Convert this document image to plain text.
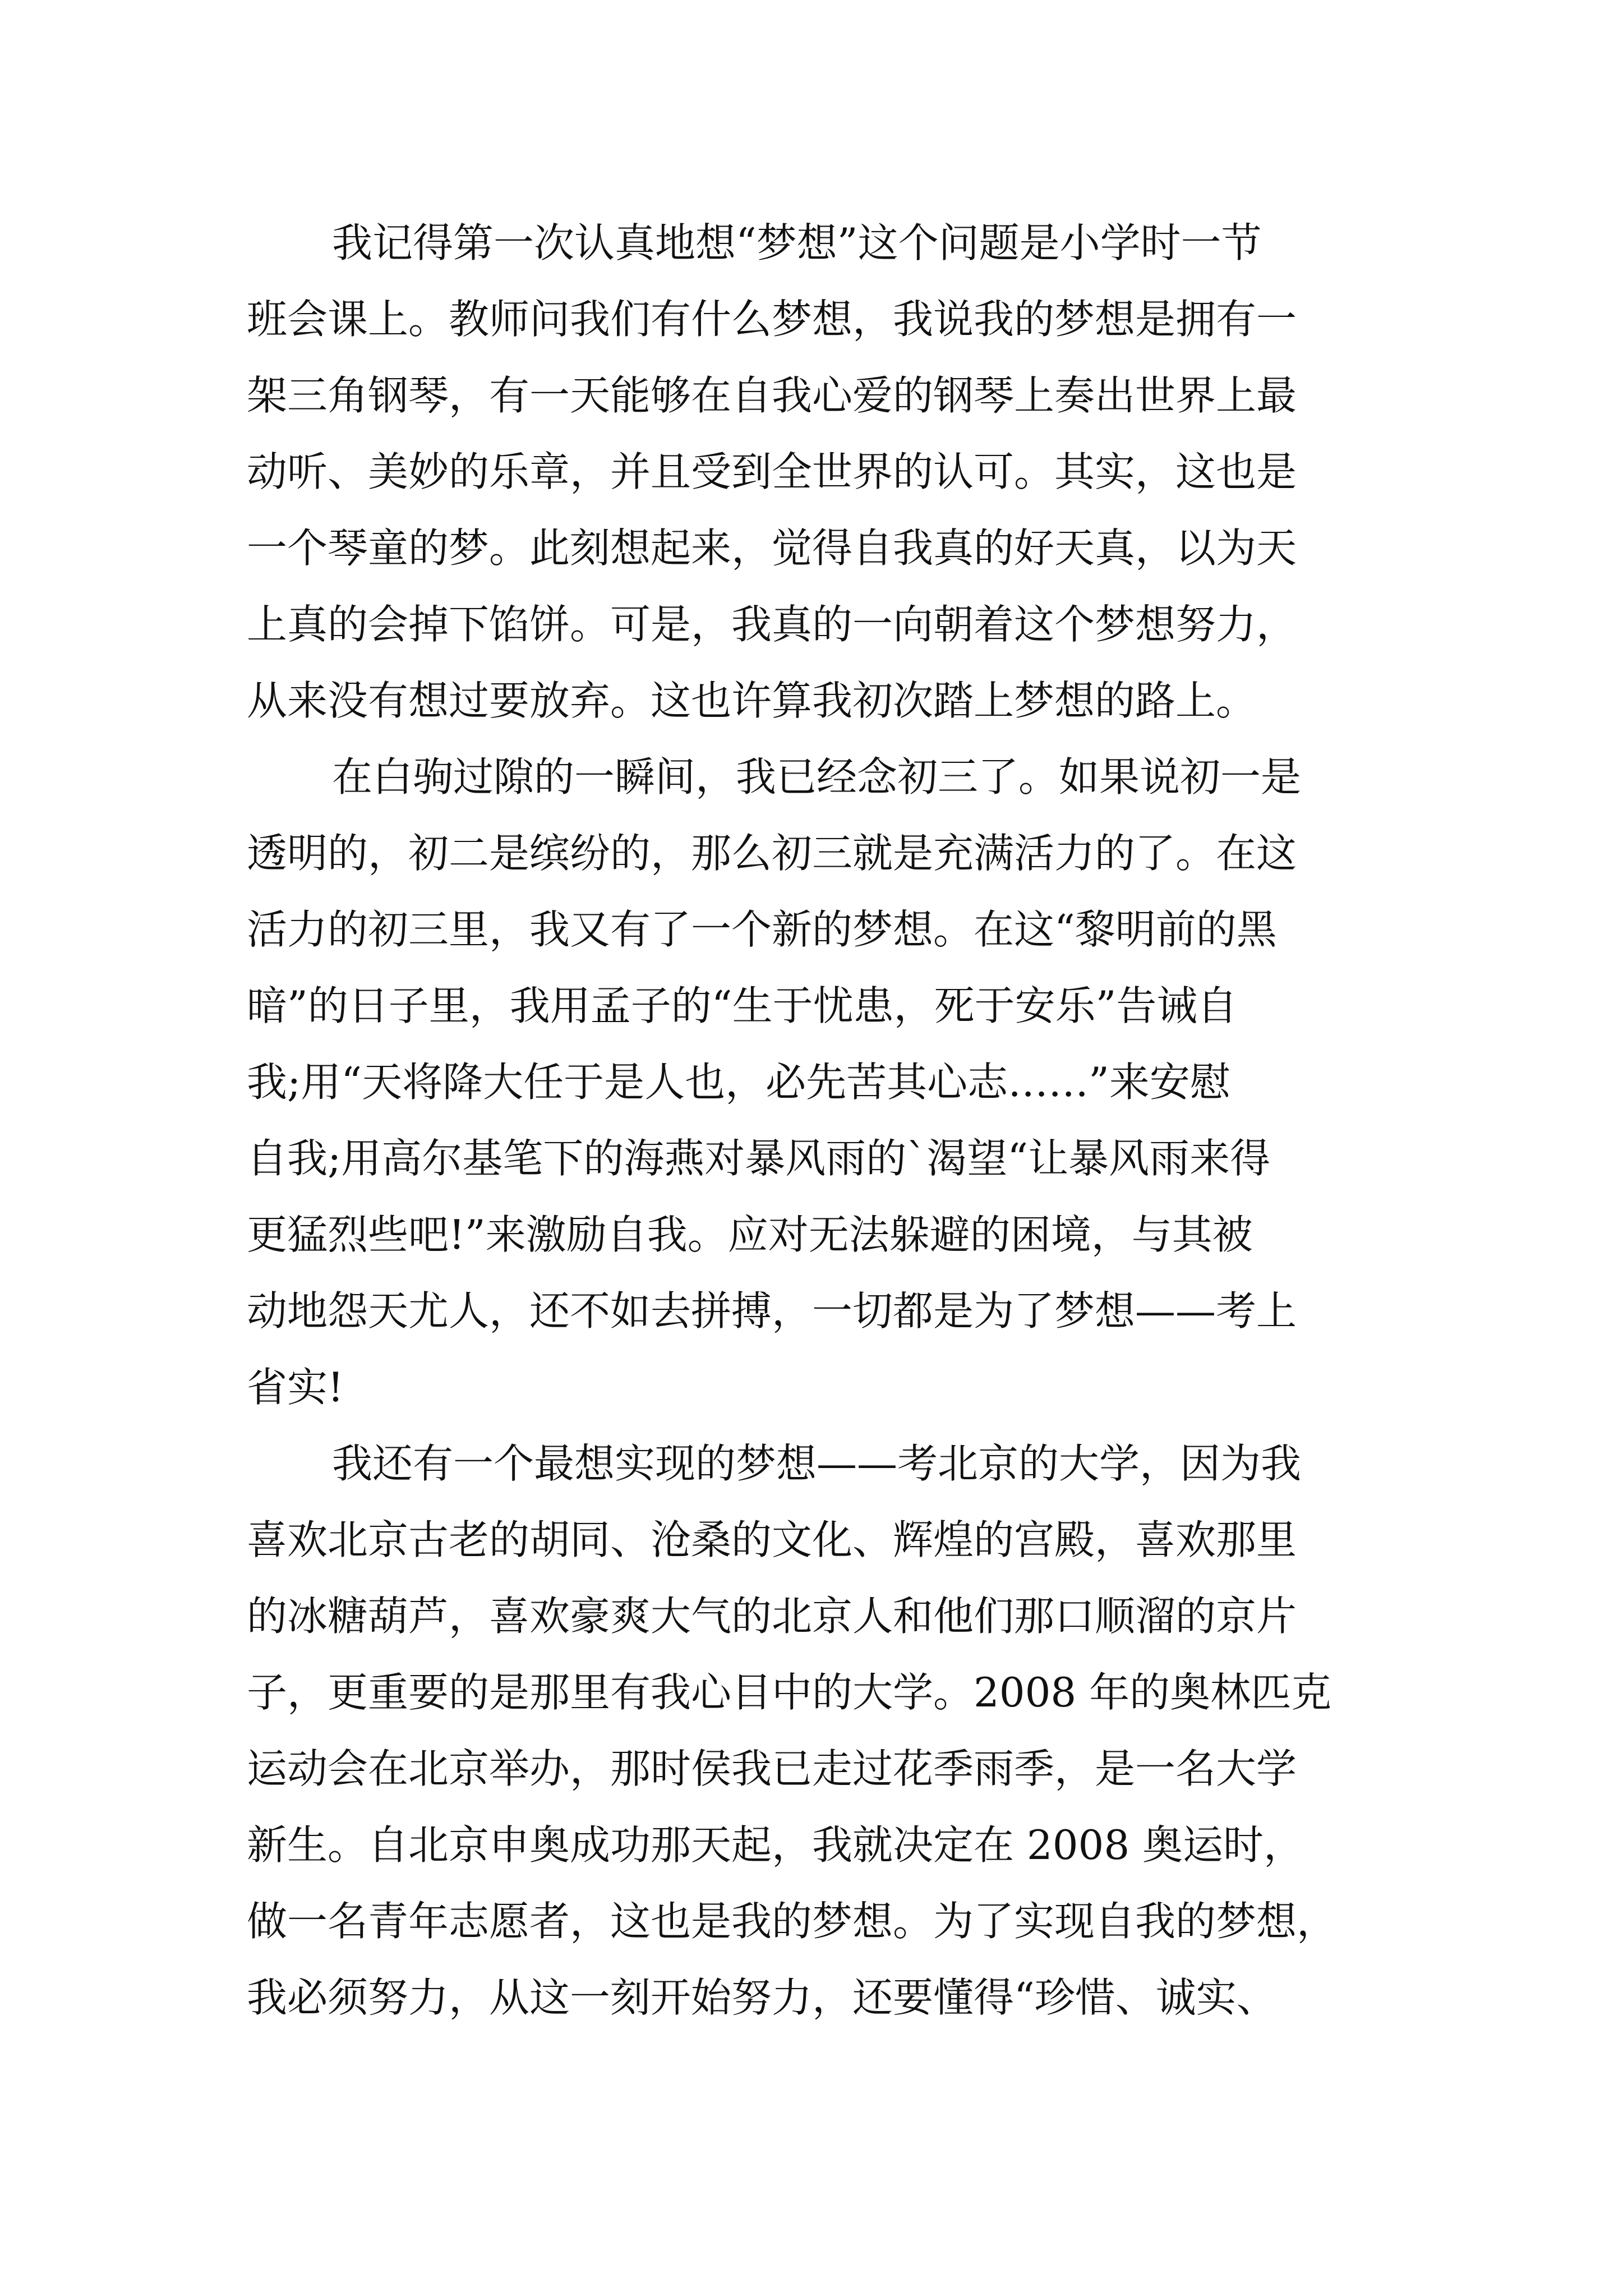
我记得第一次认真地想“梦想”这个问题是小学时一节
班会课上。教师问我们有什么梦想，我说我的梦想是拥有一
架三角钢琴，有一天能够在自我心爱的钢琴上奏出世界上最
动听、美妙的乐章，并且受到全世界的认可。其实，这也是
一个琴童的梦。此刻想起来，觉得自我真的好天真，以为天
上真的会掉下馅饼。可是，我真的一向朝着这个梦想努力，
从来没有想过要放弃。这也许算我初次踏上梦想的路上。
在白驹过隙的一瞬间，我已经念初三了。如果说初一是
透明的，初二是缤纷的，那么初三就是充满活力的了。在这
活力的初三里，我又有了一个新的梦想。在这“黎明前的黑
暗”的日子里，我用孟子的“生于忧患，死于安乐”告诫自
我;用“天将降大任于是人也，必先苦其心志……”来安慰
自我;用高尔基笔下的海燕对暴风雨的`渴望“让暴风雨来得
更猛烈些吧!”来激励自我。应对无法躲避的困境，与其被
动地怨天尤人，还不如去拼搏，一切都是为了梦想——考上
省实!
我还有一个最想实现的梦想——考北京的大学，因为我
喜欢北京古老的胡同、沧桑的文化、辉煌的宫殿，喜欢那里
的冰糖葫芦，喜欢豪爽大气的北京人和他们那口顺溜的京片
子，更重要的是那里有我心目中的大学。2008 年的奥林匹克
运动会在北京举办，那时侯我已走过花季雨季，是一名大学
新生。自北京申奥成功那天起，我就决定在 2008 奥运时，
做一名青年志愿者，这也是我的梦想。为了实现自我的梦想，
我必须努力，从这一刻开始努力，还要懂得“珍惜、诚实、
